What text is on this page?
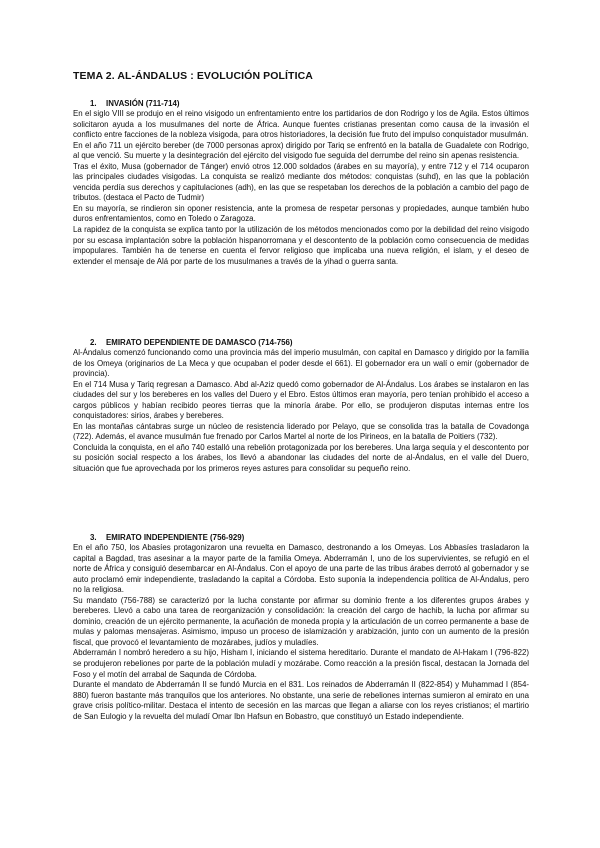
TEMA 2. AL-ÁNDALUS : EVOLUCIÓN POLÍTICA
1. INVASIÓN (711-714)

En el siglo VIII se produjo en el reino visigodo un enfrentamiento entre los partidarios de don Rodrigo y los de Agila. Estos últimos solicitaron ayuda a los musulmanes del norte de África. Aunque fuentes cristianas presentan como causa de la invasión el conflicto entre facciones de la nobleza visigoda, para otros historiadores, la decisión fue fruto del impulso conquistador musulmán.

En el año 711 un ejército bereber (de 7000 personas aprox) dirigido por Tariq se enfrentó en la batalla de Guadalete con Rodrigo, al que venció. Su muerte y la desintegración del ejército del visigodo fue seguida del derrumbe del reino sin apenas resistencia.

Tras el éxito, Musa (gobernador de Tánger) envió otros 12.000 soldados (árabes en su mayoría), y entre 712 y el 714 ocuparon las principales ciudades visigodas. La conquista se realizó mediante dos métodos: conquistas (suhd), en las que la población vencida perdía sus derechos y capitulaciones (adh), en las que se respetaban los derechos de la población a cambio del pago de tributos. (destaca el Pacto de Tudmir)

En su mayoría, se rindieron sin oponer resistencia, ante la promesa de respetar personas y propiedades, aunque también hubo duros enfrentamientos, como en Toledo o Zaragoza.

La rapidez de la conquista se explica tanto por la utilización de los métodos mencionados como por la debilidad del reino visigodo por su escasa implantación sobre la población hispanorromana y el descontento de la población como consecuencia de medidas impopulares. También ha de tenerse en cuenta el fervor religioso que implicaba una nueva religión, el islam, y el deseo de extender el mensaje de Alá por parte de los musulmanes a través de la yihad o guerra santa.

2. EMIRATO DEPENDIENTE DE DAMASCO (714-756)

Al-Ándalus comenzó funcionando como una provincia más del imperio musulmán, con capital en Damasco y dirigido por la familia de los Omeya (originarios de La Meca y que ocupaban el poder desde el 661). El gobernador era un walí o emir (gobernador de provincia).

En el 714 Musa y Tariq regresan a Damasco. Abd al-Aziz quedó como gobernador de Al-Ándalus. Los árabes se instalaron en las ciudades del sur y los bereberes en los valles del Duero y el Ebro. Estos últimos eran mayoría, pero tenían prohibido el acceso a cargos públicos y habían recibido peores tierras que la minoría árabe. Por ello, se produjeron disputas internas entre los conquistadores: sirios, árabes y bereberes.

En las montañas cántabras surge un núcleo de resistencia liderado por Pelayo, que se consolida tras la batalla de Covadonga (722). Además, el avance musulmán fue frenado por Carlos Martel al norte de los Pirineos, en la batalla de Poitiers (732).

Concluida la conquista, en el año 740 estalló una rebelión protagonizada por los bereberes. Una larga sequía y el descontento por su posición social respecto a los árabes, los llevó a abandonar las ciudades del norte de al-Ándalus, en el valle del Duero, situación que fue aprovechada por los primeros reyes astures para consolidar su pequeño reino.

3. EMIRATO INDEPENDIENTE (756-929)

En el año 750, los Abasíes protagonizaron una revuelta en Damasco, destronando a los Omeyas. Los Abbasíes trasladaron la capital a Bagdad, tras asesinar a la mayor parte de la familia Omeya. Abderramán I, uno de los supervivientes, se refugió en el norte de África y consiguió desembarcar en Al-Ándalus. Con el apoyo de una parte de las tribus árabes derrotó al gobernador y se auto proclamó emir independiente, trasladando la capital a Córdoba. Esto suponía la independencia política de Al-Ándalus, pero no la religiosa.

Su mandato (756-788) se caracterizó por la lucha constante por afirmar su dominio frente a los diferentes grupos árabes y bereberes. Llevó a cabo una tarea de reorganización y consolidación: la creación del cargo de hachib, la lucha por afirmar su dominio, creación de un ejército permanente, la acuñación de moneda propia y la articulación de un correo permanente a base de mulas y palomas mensajeras. Asimismo, impuso un proceso de islamización y arabización, junto con un aumento de la presión fiscal, que provocó el levantamiento de mozárabes, judíos y muladíes.

Abderramán I nombró heredero a su hijo, Hisham I, iniciando el sistema hereditario. Durante el mandato de Al-Hakam I (796-822) se produjeron rebeliones por parte de la población muladí y mozárabe. Como reacción a la presión fiscal, destacan la Jornada del Foso y el motín del arrabal de Saqunda de Córdoba.

Durante el mandato de Abderramán II se fundó Murcia en el 831. Los reinados de Abderramán II (822-854) y Muhammad I (854-880) fueron bastante más tranquilos que los anteriores. No obstante, una serie de rebeliones internas sumieron al emirato en una grave crisis político-militar. Destaca el intento de secesión en las marcas que llegan a aliarse con los reyes cristianos; el martirio de San Eulogio y la revuelta del muladí Omar Ibn Hafsun en Bobastro, que constituyó un Estado independiente.
